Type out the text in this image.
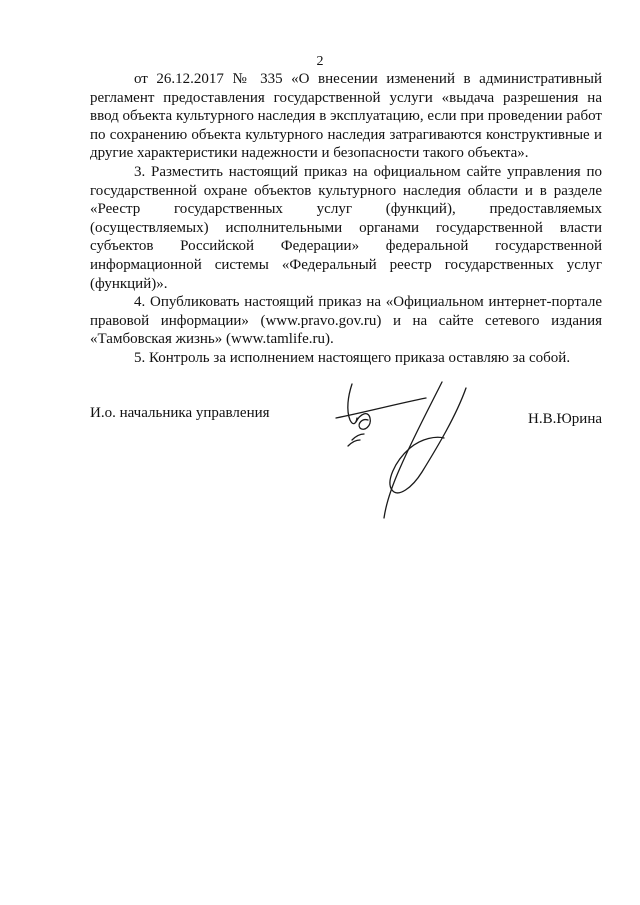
2

от 26.12.2017 № 335 «О внесении изменений в административный регламент предоставления государственной услуги «выдача разрешения на ввод объекта культурного наследия в эксплуатацию, если при проведении работ по сохранению объекта культурного наследия затрагиваются конструктивные и другие характеристики надежности и безопасности такого объекта».

3. Разместить настоящий приказ на официальном сайте управления по государственной охране объектов культурного наследия области и в разделе «Реестр государственных услуг (функций), предоставляемых (осуществляемых) исполнительными органами государственной власти субъектов Российской Федерации» федеральной государственной информационной системы «Федеральный реестр государственных услуг (функций)».

4. Опубликовать настоящий приказ на «Официальном интернет-портале правовой информации» (www.pravo.gov.ru) и на сайте сетевого издания «Тамбовская жизнь» (www.tamlife.ru).

5. Контроль за исполнением настоящего приказа оставляю за собой.

И.о. начальника управления	Н.В.Юрина
